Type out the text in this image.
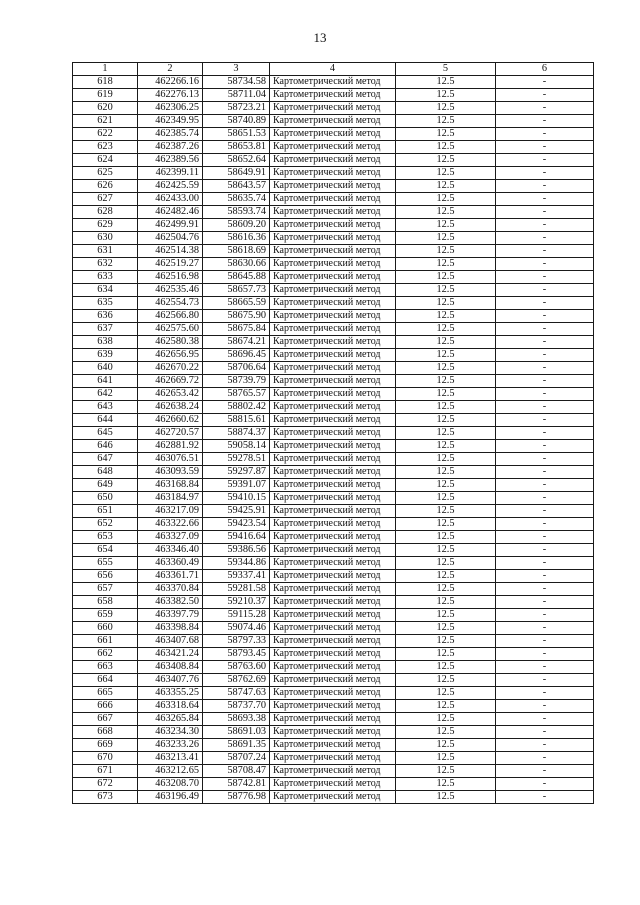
13
1	2	3	4	5	6
618	462266.16	58734.58	Картометрический метод	12.5	-
619	462276.13	58711.04	Картометрический метод	12.5	-
620	462306.25	58723.21	Картометрический метод	12.5	-
621	462349.95	58740.89	Картометрический метод	12.5	-
622	462385.74	58651.53	Картометрический метод	12.5	-
623	462387.26	58653.81	Картометрический метод	12.5	-
624	462389.56	58652.64	Картометрический метод	12.5	-
625	462399.11	58649.91	Картометрический метод	12.5	-
626	462425.59	58643.57	Картометрический метод	12.5	-
627	462433.00	58635.74	Картометрический метод	12.5	-
628	462482.46	58593.74	Картометрический метод	12.5	-
629	462499.91	58609.20	Картометрический метод	12.5	-
630	462504.76	58616.36	Картометрический метод	12.5	-
631	462514.38	58618.69	Картометрический метод	12.5	-
632	462519.27	58630.66	Картометрический метод	12.5	-
633	462516.98	58645.88	Картометрический метод	12.5	-
634	462535.46	58657.73	Картометрический метод	12.5	-
635	462554.73	58665.59	Картометрический метод	12.5	-
636	462566.80	58675.90	Картометрический метод	12.5	-
637	462575.60	58675.84	Картометрический метод	12.5	-
638	462580.38	58674.21	Картометрический метод	12.5	-
639	462656.95	58696.45	Картометрический метод	12.5	-
640	462670.22	58706.64	Картометрический метод	12.5	-
641	462669.72	58739.79	Картометрический метод	12.5	-
642	462653.42	58765.57	Картометрический метод	12.5	-
643	462638.24	58802.42	Картометрический метод	12.5	-
644	462660.62	58815.61	Картометрический метод	12.5	-
645	462720.57	58874.37	Картометрический метод	12.5	-
646	462881.92	59058.14	Картометрический метод	12.5	-
647	463076.51	59278.51	Картометрический метод	12.5	-
648	463093.59	59297.87	Картометрический метод	12.5	-
649	463168.84	59391.07	Картометрический метод	12.5	-
650	463184.97	59410.15	Картометрический метод	12.5	-
651	463217.09	59425.91	Картометрический метод	12.5	-
652	463322.66	59423.54	Картометрический метод	12.5	-
653	463327.09	59416.64	Картометрический метод	12.5	-
654	463346.40	59386.56	Картометрический метод	12.5	-
655	463360.49	59344.86	Картометрический метод	12.5	-
656	463361.71	59337.41	Картометрический метод	12.5	-
657	463370.84	59281.58	Картометрический метод	12.5	-
658	463382.50	59210.37	Картометрический метод	12.5	-
659	463397.79	59115.28	Картометрический метод	12.5	-
660	463398.84	59074.46	Картометрический метод	12.5	-
661	463407.68	58797.33	Картометрический метод	12.5	-
662	463421.24	58793.45	Картометрический метод	12.5	-
663	463408.84	58763.60	Картометрический метод	12.5	-
664	463407.76	58762.69	Картометрический метод	12.5	-
665	463355.25	58747.63	Картометрический метод	12.5	-
666	463318.64	58737.70	Картометрический метод	12.5	-
667	463265.84	58693.38	Картометрический метод	12.5	-
668	463234.30	58691.03	Картометрический метод	12.5	-
669	463233.26	58691.35	Картометрический метод	12.5	-
670	463213.41	58707.24	Картометрический метод	12.5	-
671	463212.65	58708.47	Картометрический метод	12.5	-
672	463208.70	58742.81	Картометрический метод	12.5	-
673	463196.49	58776.98	Картометрический метод	12.5	-
